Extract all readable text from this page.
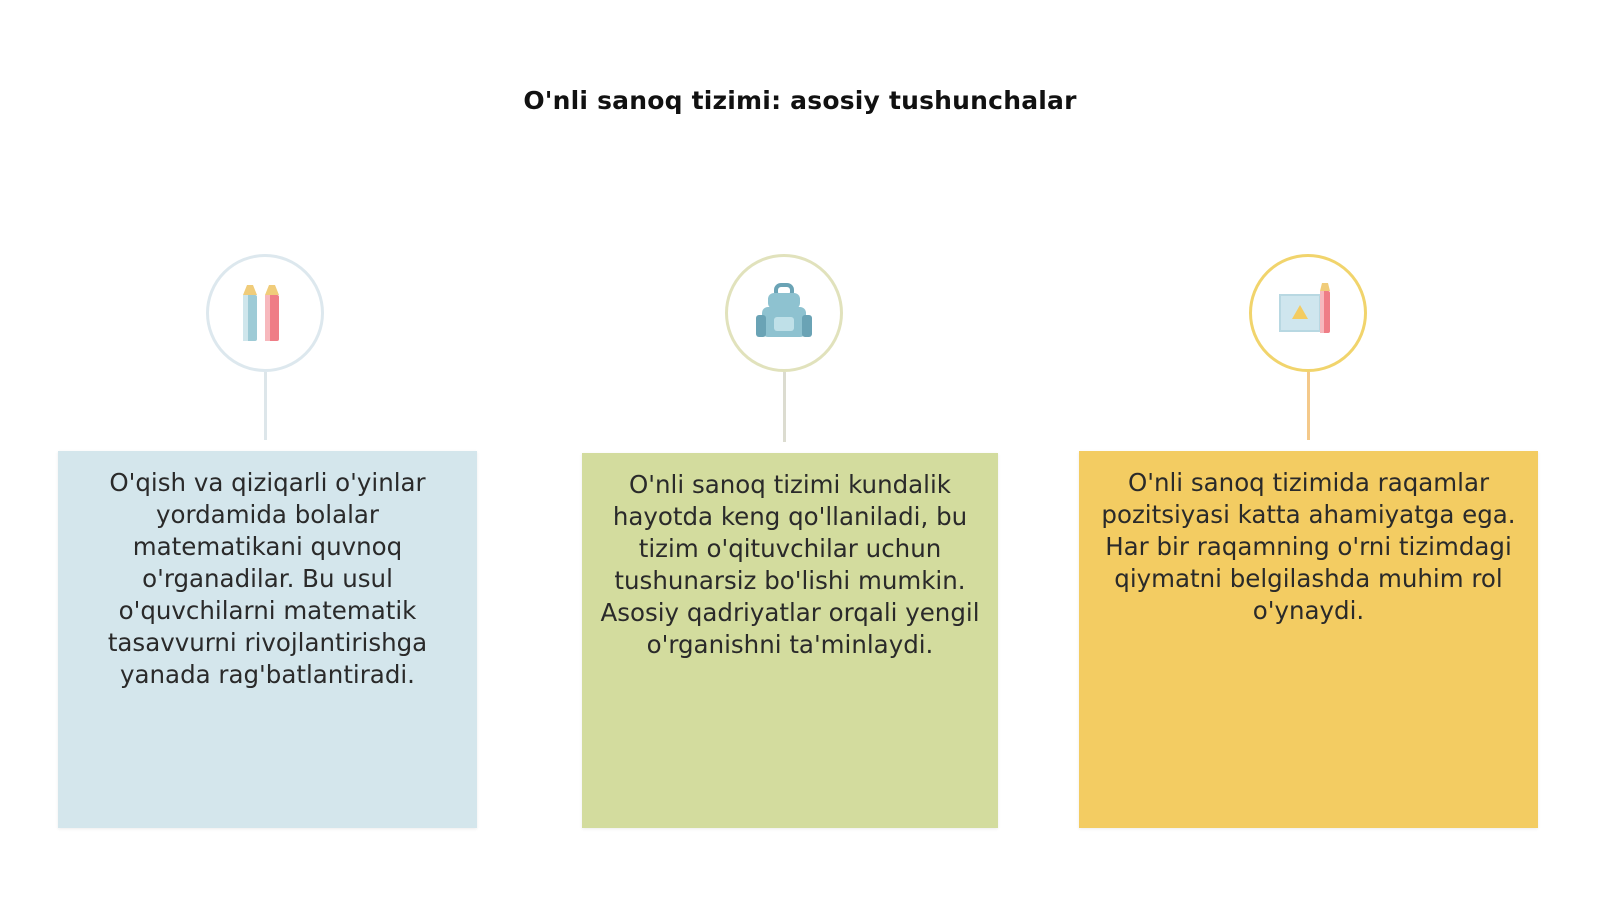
O'nli sanoq tizimi: asosiy tushunchalar
O'qish va qiziqarli o'yinlar yordamida bolalar matematikani quvnoq o'rganadilar. Bu usul o'quvchilarni matematik tasavvurni rivojlantirishga yanada rag'batlantiradi.
O'nli sanoq tizimi kundalik hayotda keng qo'llaniladi, bu tizim o'qituvchilar uchun tushunarsiz bo'lishi mumkin. Asosiy qadriyatlar orqali yengil o'rganishni ta'minlaydi.
O'nli sanoq tizimida raqamlar pozitsiyasi katta ahamiyatga ega. Har bir raqamning o'rni tizimdagi qiymatni belgilashda muhim rol o'ynaydi.
